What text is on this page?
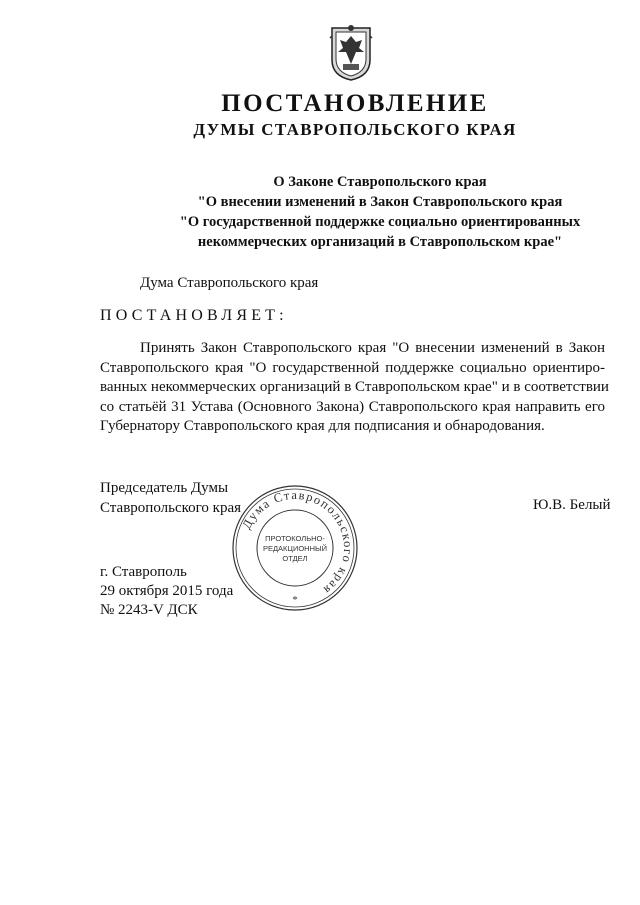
ПОСТАНОВЛЕНИЕ
ДУМЫ СТАВРОПОЛЬСКОГО КРАЯ
О Законе Ставропольского края
"О внесении изменений в Закон Ставропольского края
"О государственной поддержке социально ориентированных
некоммерческих организаций в Ставропольском крае"
Дума Ставропольского края
ПОСТАНОВЛЯЕТ:
Принять Закон Ставропольского края "О внесении изменений в Закон
Ставропольского края "О государственной поддержке социально ориентиро-
ванных некоммерческих организаций в Ставропольском крае" и в соответствии
со статьёй 31 Устава (Основного Закона) Ставропольского края направить его
Губернатору Ставропольского края для подписания и обнародования.
Председатель Думы
Ставропольского края	Ю.В. Белый
г. Ставрополь
29 октября 2015 года
№ 2243-V ДСК
Дума Ставропольского края
ПРОТОКОЛЬНО-
РЕДАКЦИОННЫЙ
ОТДЕЛ
*
